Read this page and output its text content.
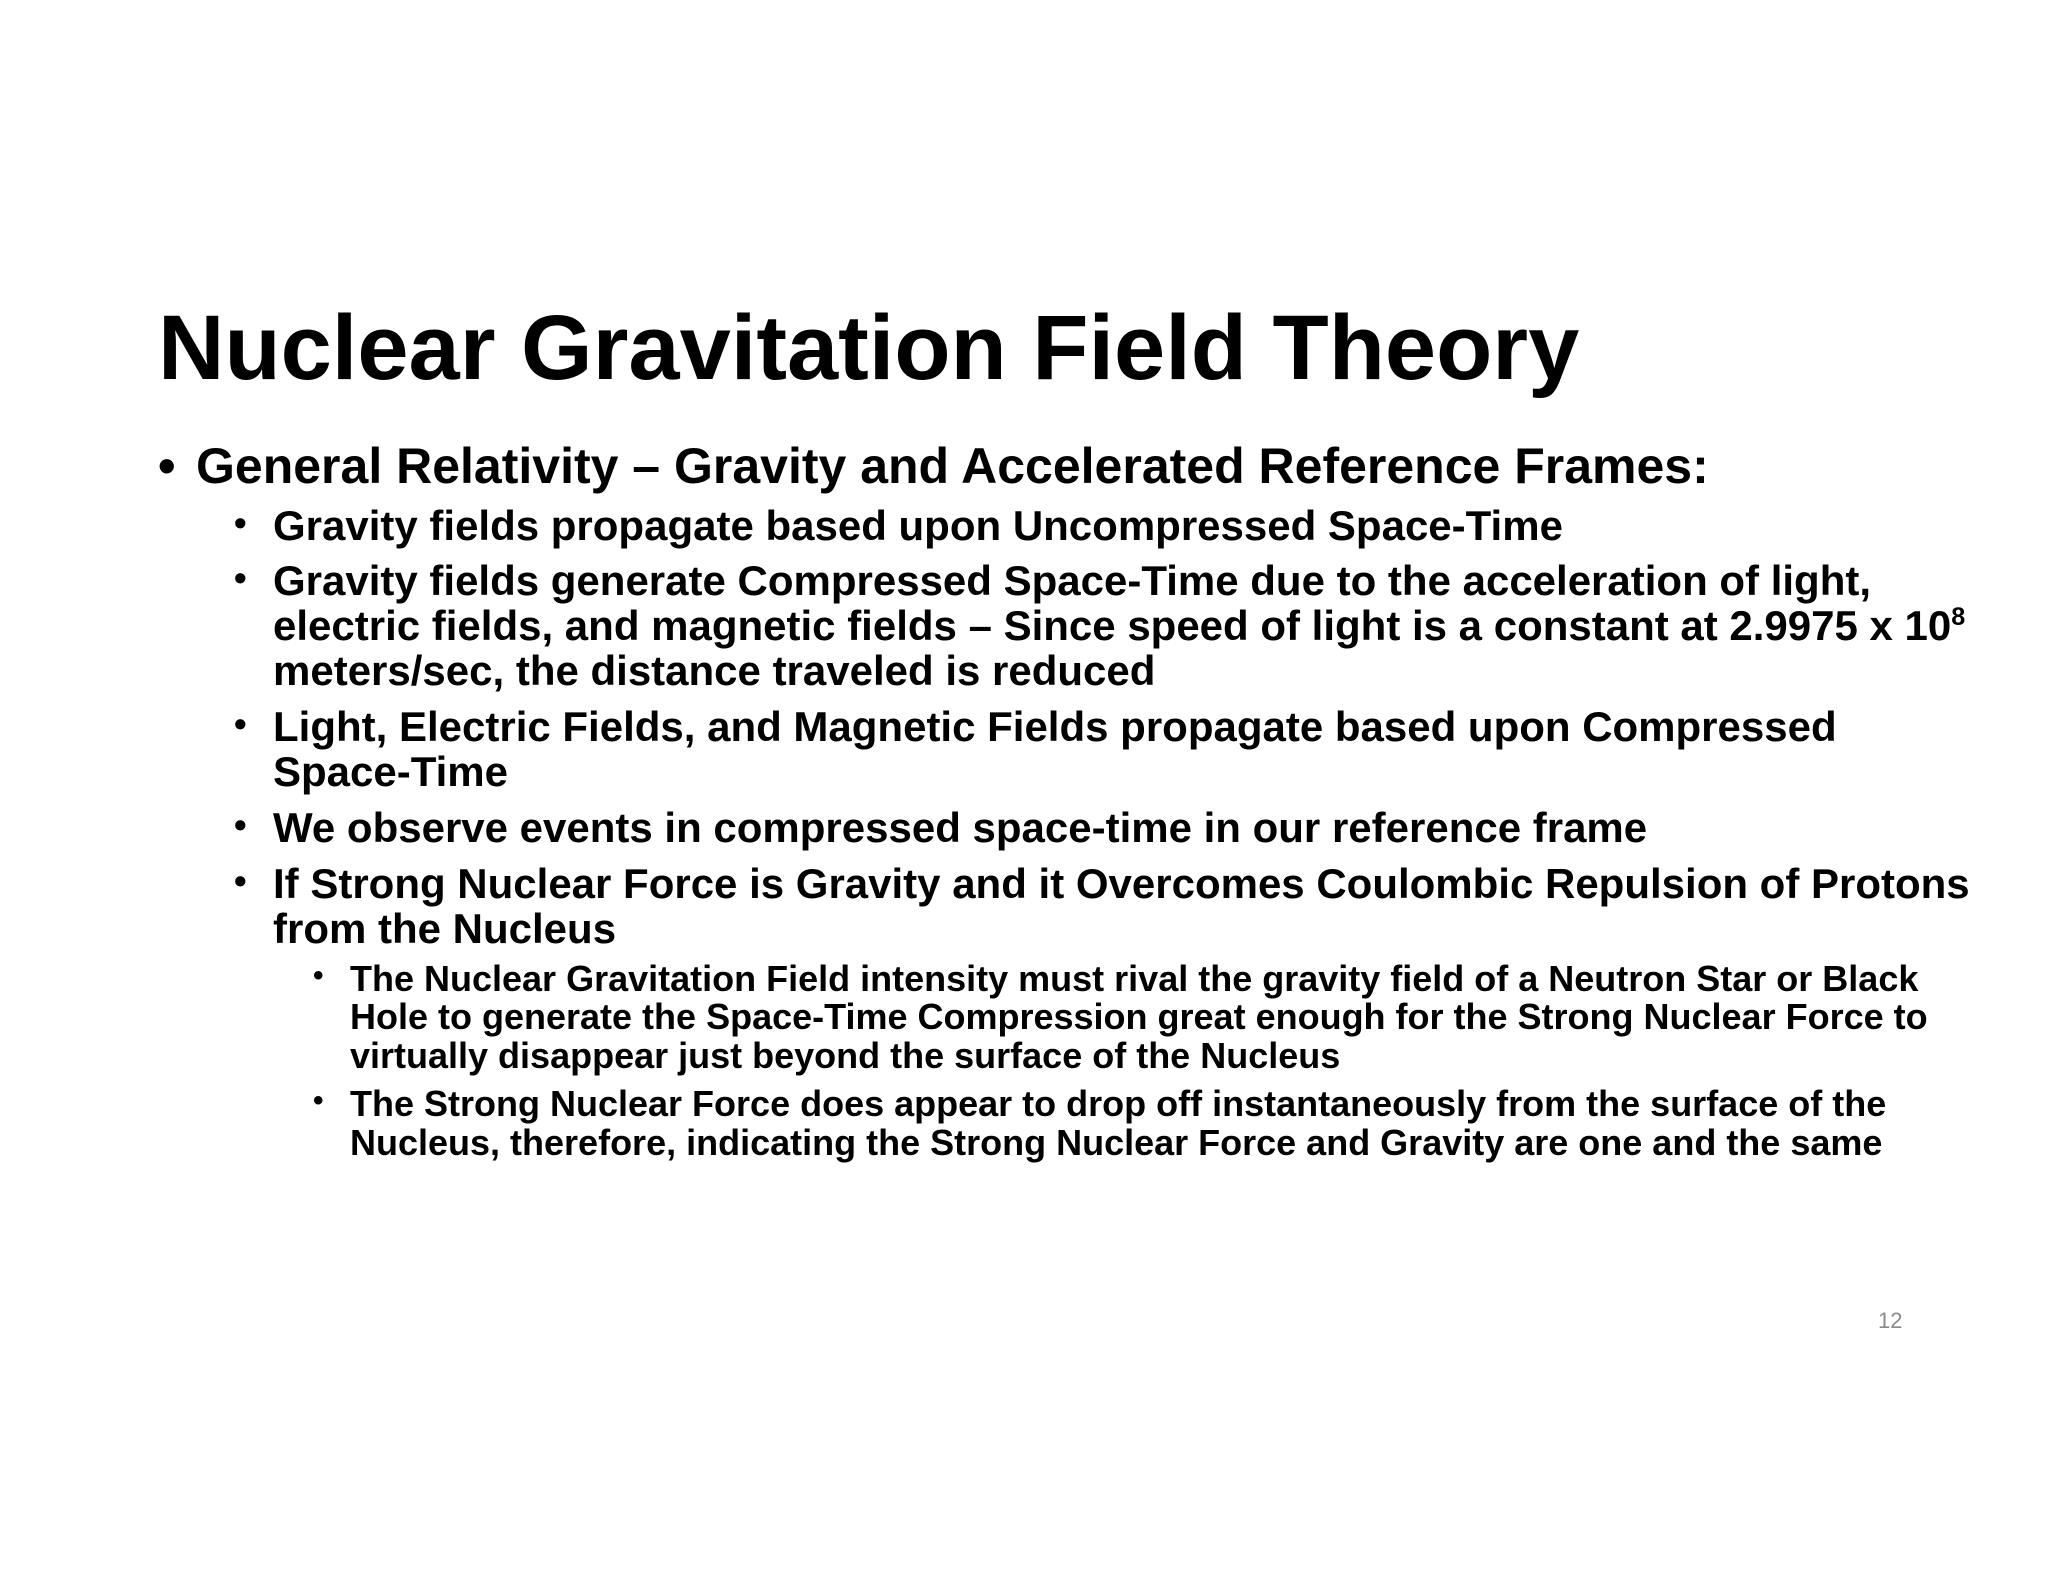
Nuclear Gravitation Field Theory
• General Relativity – Gravity and Accelerated Reference Frames:
• Gravity fields propagate based upon Uncompressed Space-Time
• Gravity fields generate Compressed Space-Time due to the acceleration of light, electric fields, and magnetic fields – Since speed of light is a constant at 2.9975 x $10^8$ meters/sec, the distance traveled is reduced
• Light, Electric Fields, and Magnetic Fields propagate based upon Compressed Space-Time
• We observe events in compressed space-time in our reference frame
• If Strong Nuclear Force is Gravity and it Overcomes Coulombic Repulsion of Protons from the Nucleus
• The Nuclear Gravitation Field intensity must rival the gravity field of a Neutron Star or Black Hole to generate the Space-Time Compression great enough for the Strong Nuclear Force to virtually disappear just beyond the surface of the Nucleus
• The Strong Nuclear Force does appear to drop off instantaneously from the surface of the Nucleus, therefore, indicating the Strong Nuclear Force and Gravity are one and the same
12
